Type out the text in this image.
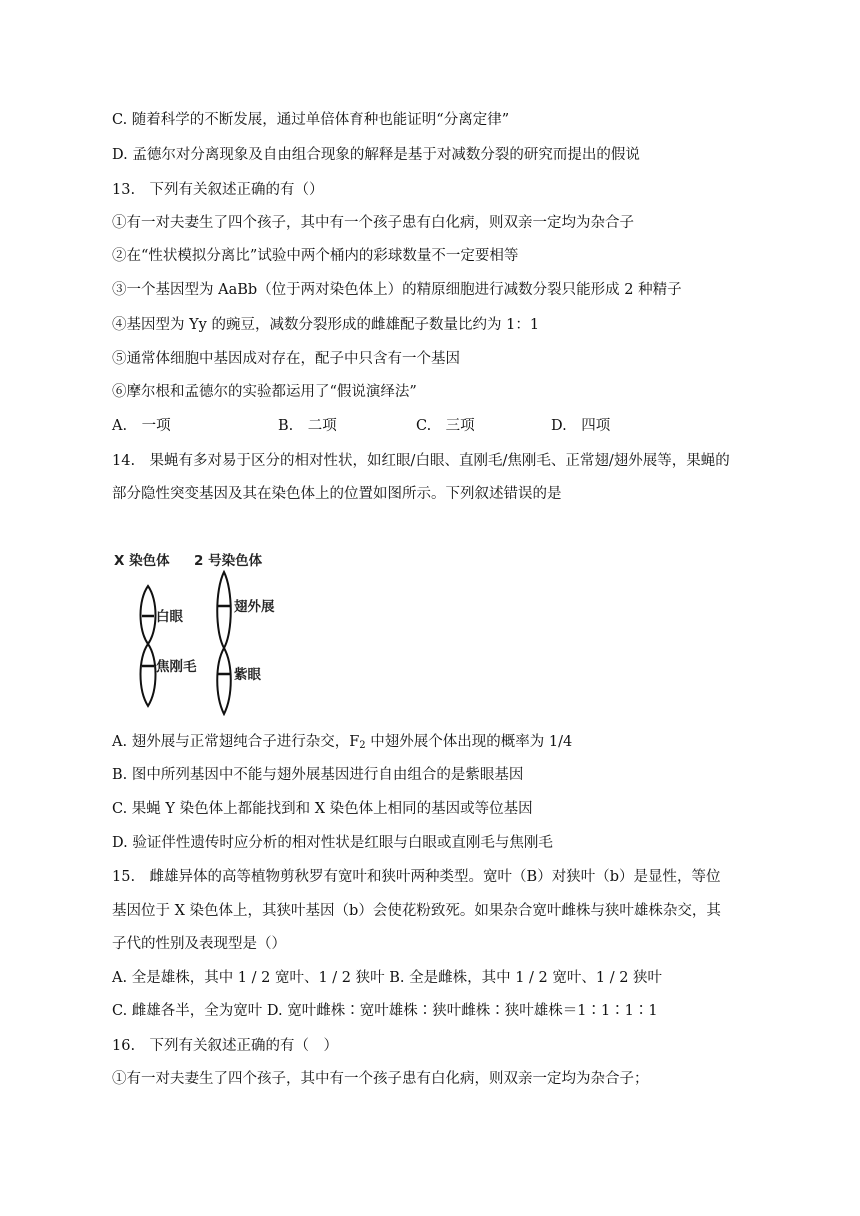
C. 随着科学的不断发展，通过单倍体育种也能证明“分离定律”
D. 孟德尔对分离现象及自由组合现象的解释是基于对减数分裂的研究而提出的假说
13.　下列有关叙述正确的有（）
①有一对夫妻生了四个孩子，其中有一个孩子患有白化病，则双亲一定均为杂合子
②在“性状模拟分离比”试验中两个桶内的彩球数量不一定要相等
③一个基因型为 AaBb（位于两对染色体上）的精原细胞进行减数分裂只能形成 2 种精子
④基因型为 Yy 的豌豆，减数分裂形成的雌雄配子数量比约为 1：1
⑤通常体细胞中基因成对存在，配子中只含有一个基因
⑥摩尔根和孟德尔的实验都运用了“假说演绎法”
A.　一项	B.　二项	C.　三项	D.　四项
14.　果蝇有多对易于区分的相对性状，如红眼/白眼、直刚毛/焦刚毛、正常翅/翅外展等，果蝇的
部分隐性突变基因及其在染色体上的位置如图所示。下列叙述错误的是
X 染色体 2 号染色体
白眼
焦刚毛
翅外展
紫眼
A. 翅外展与正常翅纯合子进行杂交，$F_2$ 中翅外展个体出现的概率为 1/4
B. 图中所列基因中不能与翅外展基因进行自由组合的是紫眼基因
C. 果蝇 Y 染色体上都能找到和 X 染色体上相同的基因或等位基因
D. 验证伴性遗传时应分析的相对性状是红眼与白眼或直刚毛与焦刚毛
15.　雌雄异体的高等植物剪秋罗有宽叶和狭叶两种类型。宽叶（B）对狭叶（b）是显性，等位
基因位于 X 染色体上，其狭叶基因（b）会使花粉致死。如果杂合宽叶雌株与狭叶雄株杂交，其
子代的性别及表现型是（）
A. 全是雄株，其中 1 / 2 宽叶、1 / 2 狭叶 B. 全是雌株，其中 1 / 2 宽叶、1 / 2 狭叶
C. 雌雄各半，全为宽叶 D. 宽叶雌株∶宽叶雄株∶狭叶雌株∶狭叶雄株＝1∶1∶1∶1
16.　下列有关叙述正确的有（　）
①有一对夫妻生了四个孩子，其中有一个孩子患有白化病，则双亲一定均为杂合子；
